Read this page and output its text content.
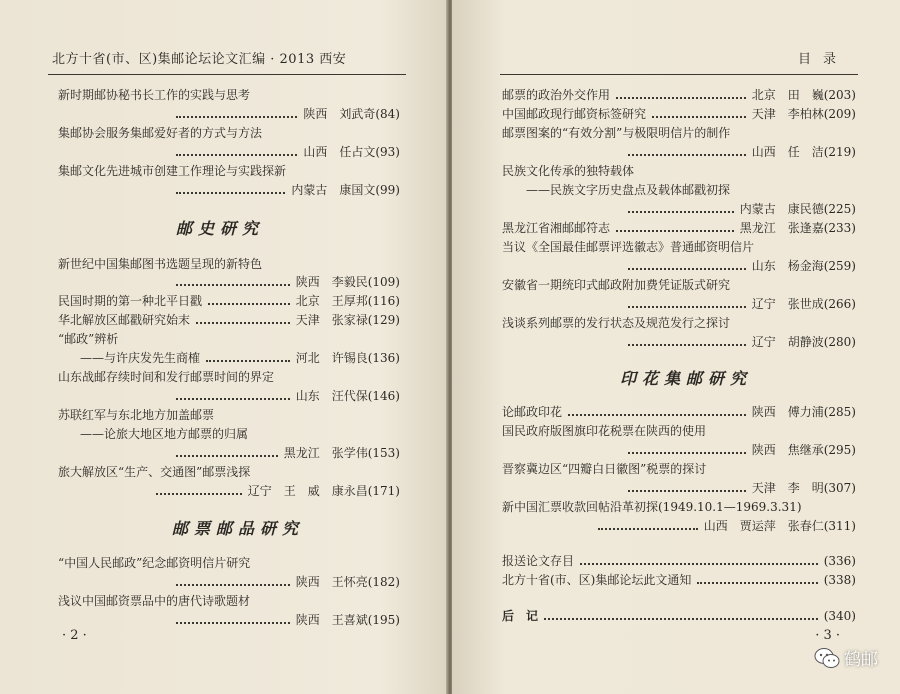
北方十省(市、区)集邮论坛论文汇编 · 2013 西安
新时期邮协秘书长工作的实践与思考
陕西　刘武奇(84)
集邮协会服务集邮爱好者的方式与方法
山西　任占文(93)
集邮文化先进城市创建工作理论与实践探新
内蒙古　康国文(99)
邮史研究
新世纪中国集邮图书选题呈现的新特色
陕西　李毅民(109)
民国时期的第一种北平日戳	北京　王厚邦(116)
华北解放区邮戳研究始末	天津　张家禄(129)
“邮政”辨析
——与许庆发先生商榷	河北　许锡良(136)
山东战邮存续时间和发行邮票时间的界定
山东　汪代保(146)
苏联红军与东北地方加盖邮票
——论旅大地区地方邮票的归属
黑龙江　张学伟(153)
旅大解放区“生产、交通图”邮票浅探
辽宁　王　威　康永昌(171)
邮票邮品研究
“中国人民邮政”纪念邮资明信片研究
陕西　王怀亮(182)
浅议中国邮资票品中的唐代诗歌题材
陕西　王喜斌(195)
· 2 ·
目录
邮票的政治外交作用	北京　田　巍(203)
中国邮政现行邮资标签研究	天津　李柏林(209)
邮票图案的“有效分割”与极限明信片的制作
山西　任　洁(219)
民族文化传承的独特载体
——民族文字历史盘点及载体邮戳初探
内蒙古　康民德(225)
黑龙江省湘邮邮符志	黑龙江　张逢嘉(233)
当议《全国最佳邮票评选徽志》普通邮资明信片
山东　杨金海(259)
安徽省一期统印式邮政附加费凭证版式研究
辽宁　张世成(266)
浅谈系列邮票的发行状态及规范发行之探讨
辽宁　胡静波(280)
印花集邮研究
论邮政印花	陕西　傅力浦(285)
国民政府版图旗印花税票在陕西的使用
陕西　焦继承(295)
晋察冀边区“四瓣白日徽图”税票的探讨
天津　李　明(307)
新中国汇票收款回帖沿革初探(1949.10.1—1969.3.31)
山西　贾运萍　张春仁(311)
报送论文存目	(336)
北方十省(市、区)集邮论坛此文通知	(338)
后　记	(340)
· 3 ·
鹤邮
